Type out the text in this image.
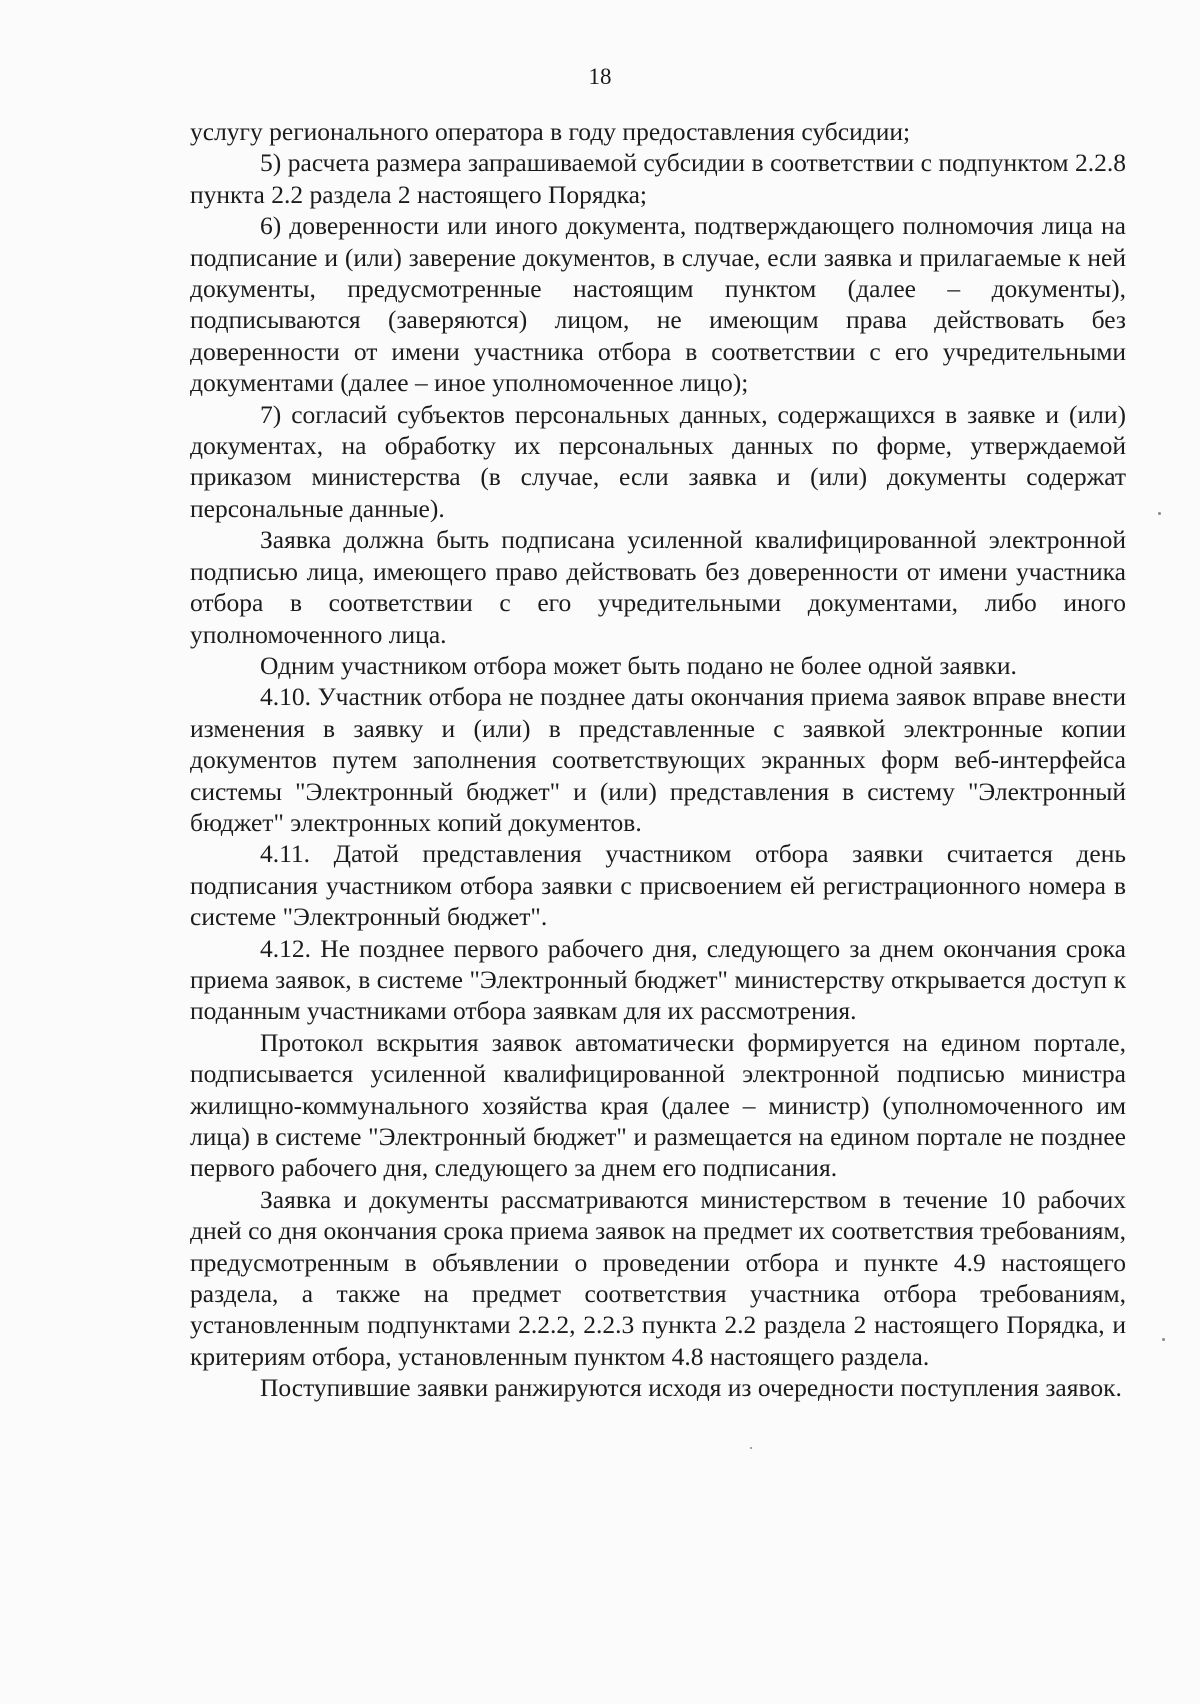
18

услугу регионального оператора в году предоставления субсидии;

5) расчета размера запрашиваемой субсидии в соответствии с подпунктом 2.2.8 пункта 2.2 раздела 2 настоящего Порядка;

6) доверенности или иного документа, подтверждающего полномочия лица на подписание и (или) заверение документов, в случае, если заявка и прилагаемые к ней документы, предусмотренные настоящим пунктом (далее – документы), подписываются (заверяются) лицом, не имеющим права действовать без доверенности от имени участника отбора в соответствии с его учредительными документами (далее – иное уполномоченное лицо);

7) согласий субъектов персональных данных, содержащихся в заявке и (или) документах, на обработку их персональных данных по форме, утверждаемой приказом министерства (в случае, если заявка и (или) документы содержат персональные данные).

Заявка должна быть подписана усиленной квалифицированной электронной подписью лица, имеющего право действовать без доверенности от имени участника отбора в соответствии с его учредительными документами, либо иного уполномоченного лица.

Одним участником отбора может быть подано не более одной заявки.

4.10. Участник отбора не позднее даты окончания приема заявок вправе внести изменения в заявку и (или) в представленные с заявкой электронные копии документов путем заполнения соответствующих экранных форм веб-интерфейса системы "Электронный бюджет" и (или) представления в систему "Электронный бюджет" электронных копий документов.

4.11. Датой представления участником отбора заявки считается день подписания участником отбора заявки с присвоением ей регистрационного номера в системе "Электронный бюджет".

4.12. Не позднее первого рабочего дня, следующего за днем окончания срока приема заявок, в системе "Электронный бюджет" министерству открывается доступ к поданным участниками отбора заявкам для их рассмотрения.

Протокол вскрытия заявок автоматически формируется на едином портале, подписывается усиленной квалифицированной электронной подписью министра жилищно-коммунального хозяйства края (далее – министр) (уполномоченного им лица) в системе "Электронный бюджет" и размещается на едином портале не позднее первого рабочего дня, следующего за днем его подписания.

Заявка и документы рассматриваются министерством в течение 10 рабочих дней со дня окончания срока приема заявок на предмет их соответствия требованиям, предусмотренным в объявлении о проведении отбора и пункте 4.9 настоящего раздела, а также на предмет соответствия участника отбора требованиям, установленным подпунктами 2.2.2, 2.2.3 пункта 2.2 раздела 2 настоящего Порядка, и критериям отбора, установленным пунктом 4.8 настоящего раздела.

Поступившие заявки ранжируются исходя из очередности поступления заявок.
